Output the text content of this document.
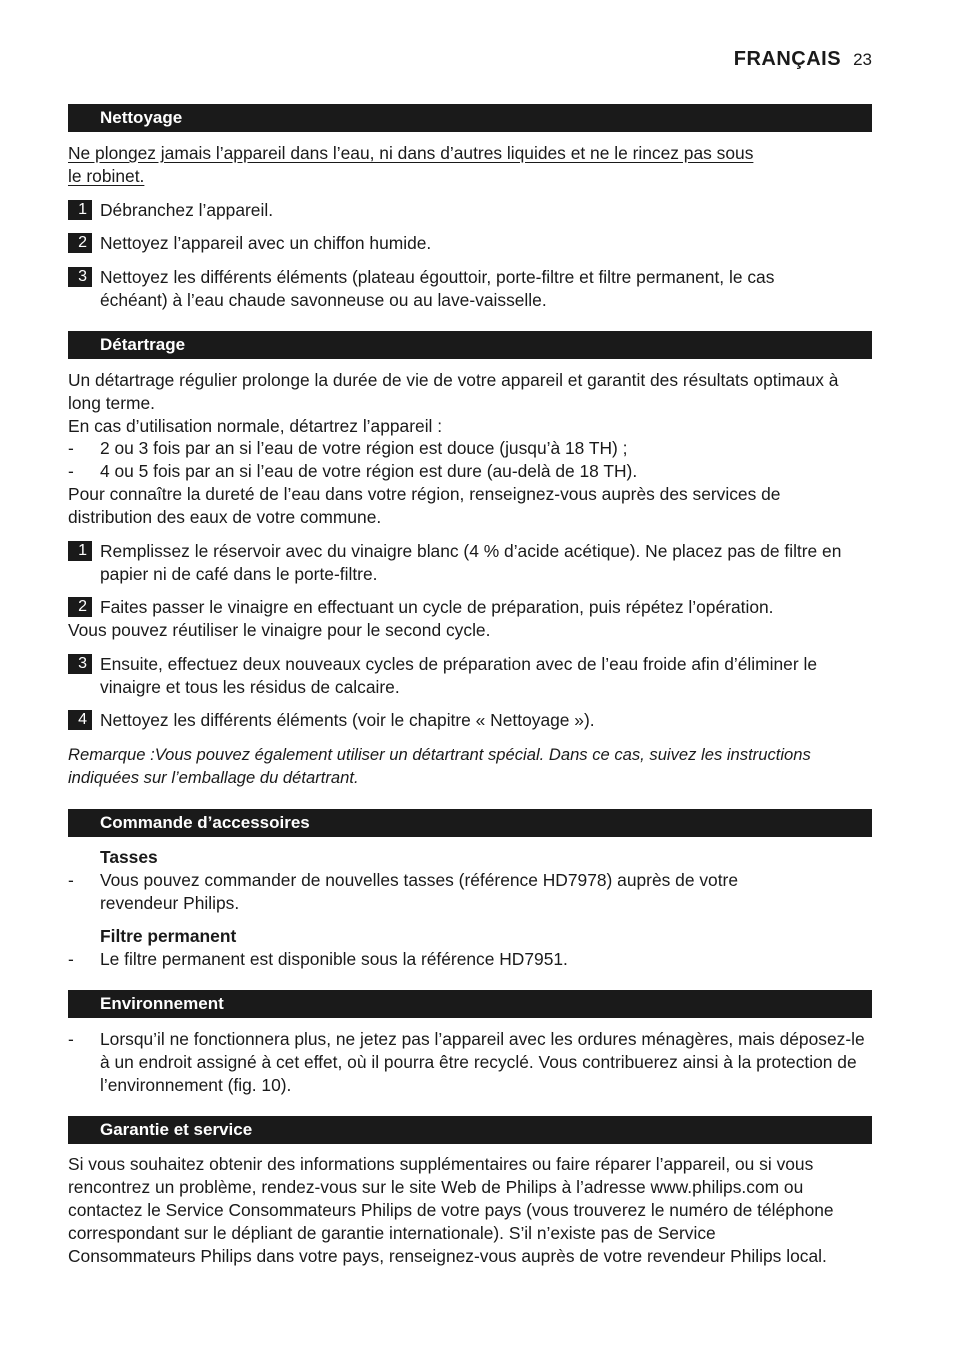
FRANÇAIS 23
Nettoyage

Ne plongez jamais l’appareil dans l’eau, ni dans d’autres liquides et ne le rincez pas sous

le robinet.

1 Débranchez l’appareil.
2 Nettoyez l’appareil avec un chiffon humide.
3 Nettoyez les différents éléments (plateau égouttoir, porte-filtre et filtre permanent, le cas échéant) à l’eau chaude savonneuse ou au lave-vaisselle.
Détartrage

Un détartrage régulier prolonge la durée de vie de votre appareil et garantit des résultats optimaux à long terme.

En cas d’utilisation normale, détartrez l’appareil :

- 2 ou 3 fois par an si l’eau de votre région est douce (jusqu’à 18 TH) ;
- 4 ou 5 fois par an si l’eau de votre région est dure (au-delà de 18 TH).
Pour connaître la dureté de l’eau dans votre région, renseignez-vous auprès des services de distribution des eaux de votre commune.
1 Remplissez le réservoir avec du vinaigre blanc (4 % d’acide acétique). Ne placez pas de filtre en papier ni de café dans le porte-filtre.
2 Faites passer le vinaigre en effectuant un cycle de préparation, puis répétez l’opération.
Vous pouvez réutiliser le vinaigre pour le second cycle.
3 Ensuite, effectuez deux nouveaux cycles de préparation avec de l’eau froide afin d’éliminer le vinaigre et tous les résidus de calcaire.
4 Nettoyez les différents éléments (voir le chapitre « Nettoyage »).
Remarque :Vous pouvez également utiliser un détartrant spécial. Dans ce cas, suivez les instructions indiquées sur l’emballage du détartrant.
Commande d’accessoires
Tasses
- Vous pouvez commander de nouvelles tasses (référence HD7978) auprès de votre revendeur Philips.
Filtre permanent
- Le filtre permanent est disponible sous la référence HD7951.
Environnement
- Lorsqu’il ne fonctionnera plus, ne jetez pas l’appareil avec les ordures ménagères, mais déposez-le à un endroit assigné à cet effet, où il pourra être recyclé. Vous contribuerez ainsi à la protection de l’environnement (fig. 10).
Garantie et service
Si vous souhaitez obtenir des informations supplémentaires ou faire réparer l’appareil, ou si vous rencontrez un problème, rendez-vous sur le site Web de Philips à l’adresse www.philips.com ou contactez le Service Consommateurs Philips de votre pays (vous trouverez le numéro de téléphone correspondant sur le dépliant de garantie internationale). S’il n’existe pas de Service Consommateurs Philips dans votre pays, renseignez-vous auprès de votre revendeur Philips local.
